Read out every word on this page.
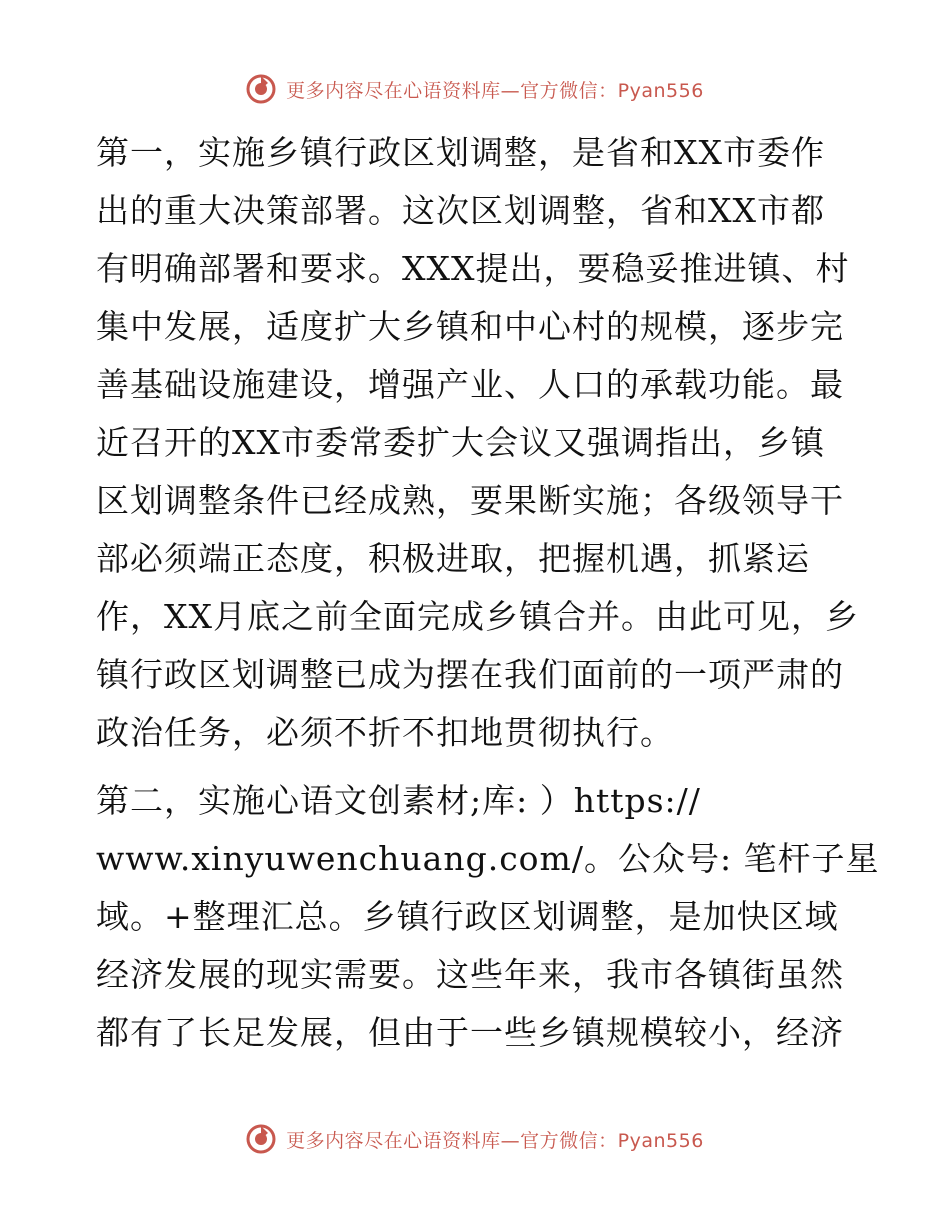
更多内容尽在心语资料库—官方微信：Pyan556
第一，实施乡镇行政区划调整，是省和XX市委作
出的重大决策部署。这次区划调整，省和XX市都
有明确部署和要求。XXX提出，要稳妥推进镇、村
集中发展，适度扩大乡镇和中心村的规模，逐步完
善基础设施建设，增强产业、人口的承载功能。最
近召开的XX市委常委扩大会议又强调指出，乡镇
区划调整条件已经成熟，要果断实施；各级领导干
部必须端正态度，积极进取，把握机遇，抓紧运
作，XX月底之前全面完成乡镇合并。由此可见，乡
镇行政区划调整已成为摆在我们面前的一项严肃的
政治任务，必须不折不扣地贯彻执行。
第二，实施心语文创素材;库: ）https://
www.xinyuwenchuang.com/。公众号: 笔杆子星
域。+整理汇总。乡镇行政区划调整，是加快区域
经济发展的现实需要。这些年来，我市各镇街虽然
都有了长足发展，但由于一些乡镇规模较小，经济
更多内容尽在心语资料库—官方微信：Pyan556
